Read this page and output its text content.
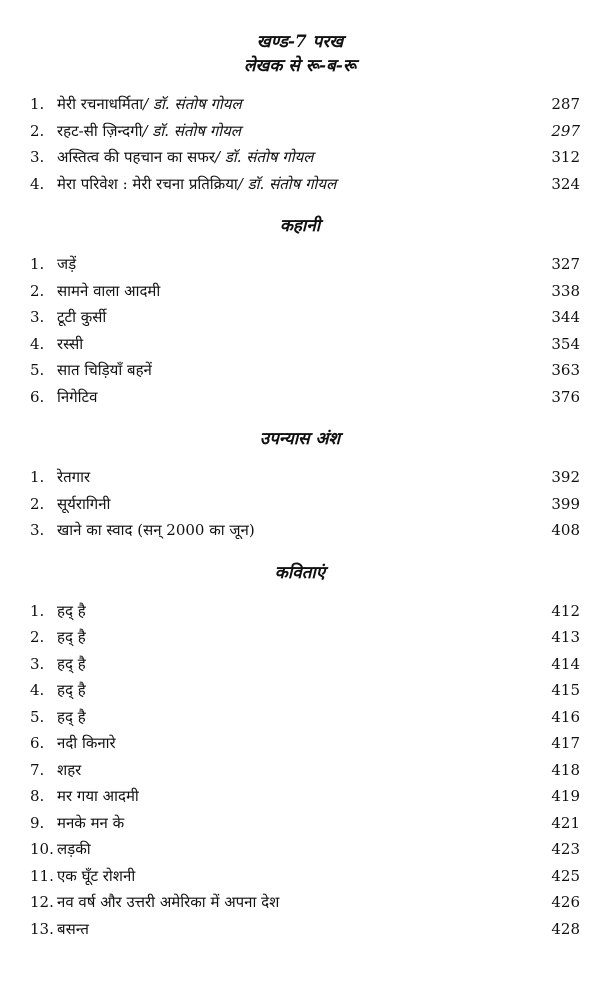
खण्ड-7 परख

लेखक से रू-ब-रू

1. मेरी रचनाधर्मिता/ डॉ. संतोष गोयल	287
2. रहट-सी ज़िन्दगी/ डॉ. संतोष गोयल	297
3. अस्तित्व की पहचान का सफर/ डॉ. संतोष गोयल	312
4. मेरा परिवेश : मेरी रचना प्रतिक्रिया/ डॉ. संतोष गोयल	324

कहानी

1. जड़ें	327
2. सामने वाला आदमी	338
3. टूटी कुर्सी	344
4. रस्सी	354
5. सात चिड़ियाँ बहनें	363
6. निगेटिव	376

उपन्यास अंश

1. रेतगार	392
2. सूर्यरागिनी	399
3. खाने का स्वाद (सन् 2000 का जून)	408

कविताएं

1. हद् है	412
2. हद् है	413
3. हद् है	414
4. हद् है	415
5. हद् है	416
6. नदी किनारे	417
7. शहर	418
8. मर गया आदमी	419
9. मनके मन के	421
10. लड़की	423
11. एक घूँट रोशनी	425
12. नव वर्ष और उत्तरी अमेरिका में अपना देश	426
13. बसन्त	428
